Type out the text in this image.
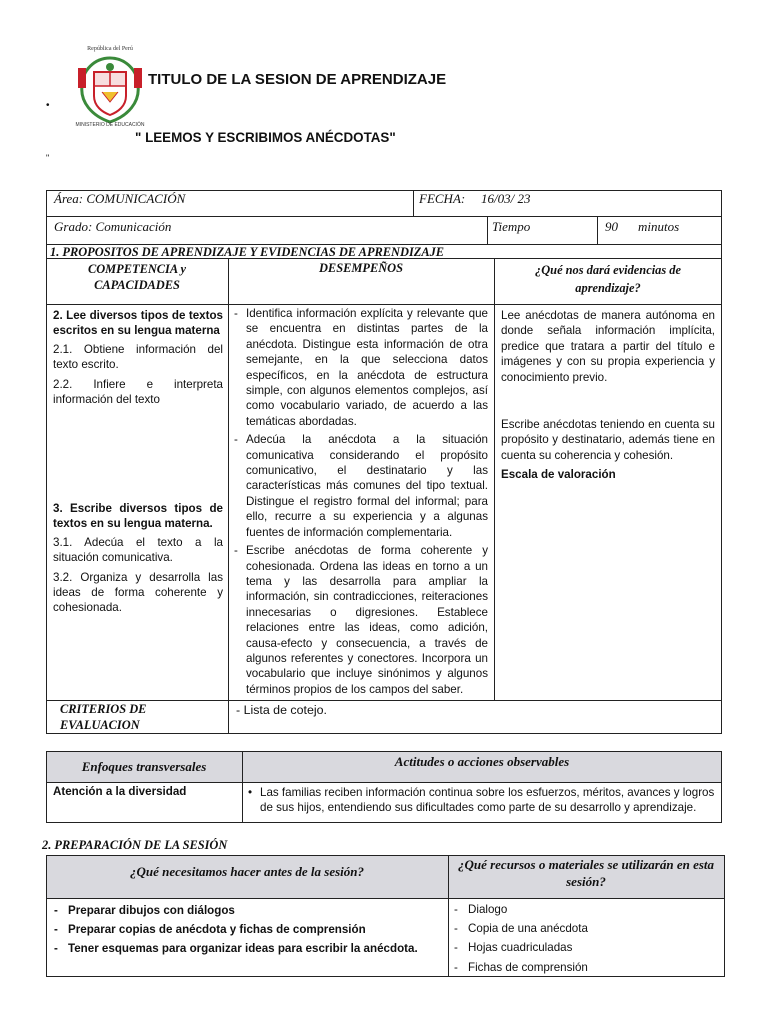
República del Perú
MINISTERIO DE EDUCACIÓN
TITULO DE LA SESION DE APRENDIZAJE
•
" LEEMOS Y ESCRIBIMOS ANÉCDOTAS"
"
Área: COMUNICACIÓN	FECHA: 16/03/ 23
Grado: Comunicación	Tiempo	90 minutos
1. PROPOSITOS DE APRENDIZAJE Y EVIDENCIAS DE APRENDIZAJE
COMPETENCIA y CAPACIDADES
DESEMPEÑOS	¿Qué nos dará evidencias de aprendizaje?

2. Lee diversos tipos de textos escritos en su lengua materna

2.1. Obtiene información del texto escrito.

2.2. Infiere e interpreta información del texto

3. Escribe diversos tipos de textos en su lengua materna.

3.1. Adecúa el texto a la situación comunicativa.

3.2. Organiza y desarrolla las ideas de forma coherente y cohesionada.

- Identifica información explícita y relevante que se encuentra en distintas partes de la anécdota. Distingue esta información de otra semejante, en la que selecciona datos específicos, en la anécdota de estructura simple, con algunos elementos complejos, así como vocabulario variado, de acuerdo a las temáticas abordadas.

- Adecúa la anécdota a la situación comunicativa considerando el propósito comunicativo, el destinatario y las características más comunes del tipo textual. Distingue el registro formal del informal; para ello, recurre a su experiencia y a algunas fuentes de información complementaria.

- Escribe anécdotas de forma coherente y cohesionada. Ordena las ideas en torno a un tema y las desarrolla para ampliar la información, sin contradicciones, reiteraciones innecesarias o digresiones. Establece relaciones entre las ideas, como adición, causa-efecto y consecuencia, a través de algunos referentes y conectores. Incorpora un vocabulario que incluye sinónimos y algunos términos propios de los campos del saber.

Lee anécdotas de manera autónoma en donde señala información implícita, predice que tratara a partir del título e imágenes y con su propia experiencia y conocimiento previo.

Escribe anécdotas teniendo en cuenta su propósito y destinatario, además tiene en cuenta su coherencia y cohesión.

Escala de valoración

CRITERIOS DE EVALUACION
- Lista de cotejo.
Enfoques transversales	Actitudes o acciones observables
Atención a la diversidad
•	Las familias reciben información continua sobre los esfuerzos, méritos, avances y logros de sus hijos, entendiendo sus dificultades como parte de su desarrollo y aprendizaje.
2. PREPARACIÓN DE LA SESIÓN
¿Qué necesitamos hacer antes de la sesión?	¿Qué recursos o materiales se utilizarán en esta sesión?

- Preparar dibujos con diálogos

- Preparar copias de anécdota y fichas de comprensión

- Tener esquemas para organizar ideas para escribir la anécdota.

- Dialogo

- Copia de una anécdota

- Hojas cuadriculadas

- Fichas de comprensión
